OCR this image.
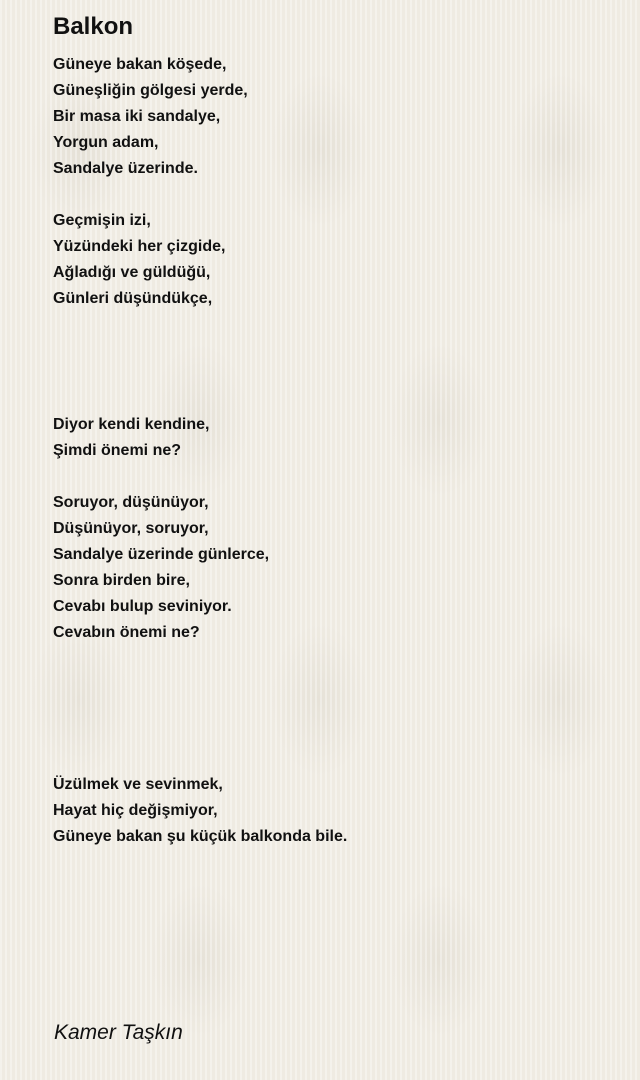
Balkon
Güneye bakan köşede,
Güneşliğin gölgesi yerde,
Bir masa iki sandalye,
Yorgun adam,
Sandalye üzerinde.
Geçmişin izi,
Yüzündeki her çizgide,
Ağladığı ve güldüğü,
Günleri düşündükçe,
Diyor kendi kendine,
Şimdi önemi ne?
Soruyor, düşünüyor,
Düşünüyor, soruyor,
Sandalye üzerinde günlerce,
Sonra birden bire,
Cevabı bulup seviniyor.
Cevabın önemi ne?
Üzülmek ve sevinmek,
Hayat hiç değişmiyor,
Güneye bakan şu küçük balkonda bile.
Kamer Taşkın
